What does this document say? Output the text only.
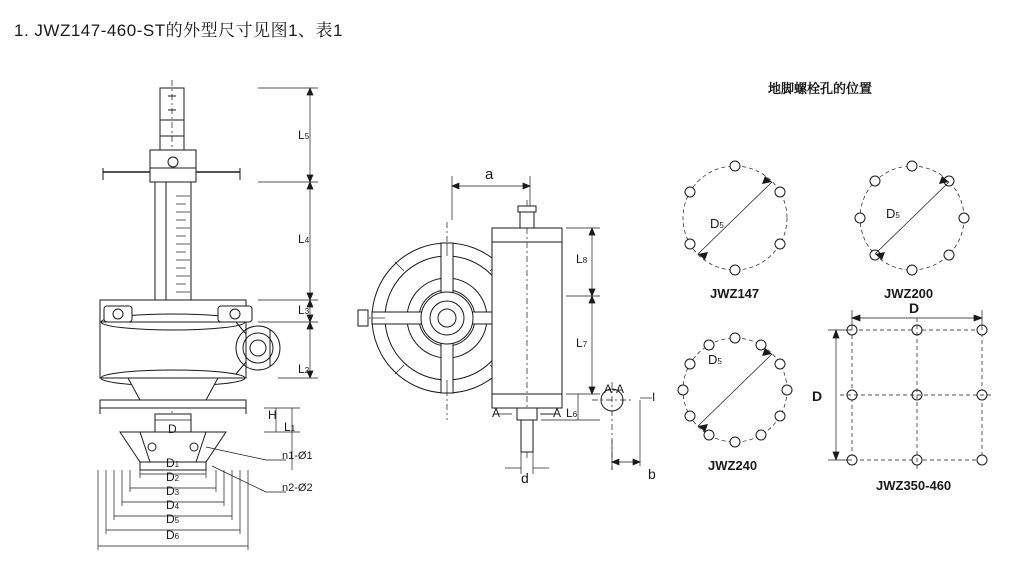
1. JWZ147-460-ST的外型尺寸见图1、表1
地脚螺栓孔的位置
L5
L4
L3
L2
H
L1
D
D1
D2
D3
D4
D5
D6
n1-Ø1
n2-Ø2
a
L8
L7
L6
A-A
A	—A
I
d	b
D5
D5
D5
D
D
JWZ147	JWZ200
JWZ240
JWZ350-460
